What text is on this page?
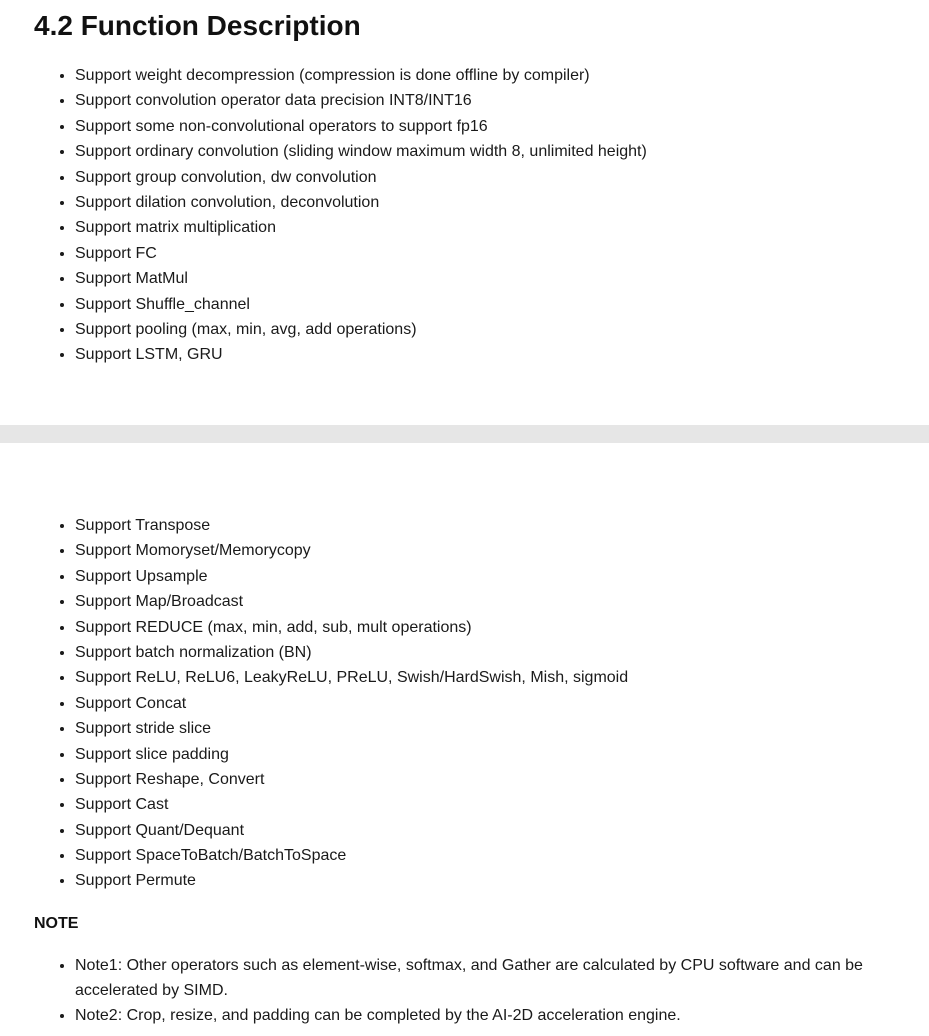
4.2 Function Description
• Support weight decompression (compression is done offline by compiler)
• Support convolution operator data precision INT8/INT16
• Support some non-convolutional operators to support fp16
• Support ordinary convolution (sliding window maximum width 8, unlimited height)
• Support group convolution, dw convolution
• Support dilation convolution, deconvolution
• Support matrix multiplication
• Support FC
• Support MatMul
• Support Shuffle_channel
• Support pooling (max, min, avg, add operations)
• Support LSTM, GRU
• Support Transpose
• Support Momoryset/Memorycopy
• Support Upsample
• Support Map/Broadcast
• Support REDUCE (max, min, add, sub, mult operations)
• Support batch normalization (BN)
• Support ReLU, ReLU6, LeakyReLU, PReLU, Swish/HardSwish, Mish, sigmoid
• Support Concat
• Support stride slice
• Support slice padding
• Support Reshape, Convert
• Support Cast
• Support Quant/Dequant
• Support SpaceToBatch/BatchToSpace
• Support Permute

NOTE

• Note1: Other operators such as element-wise, softmax, and Gather are calculated by CPU software and can be accelerated by SIMD.
• Note2: Crop, resize, and padding can be completed by the AI-2D acceleration engine.
